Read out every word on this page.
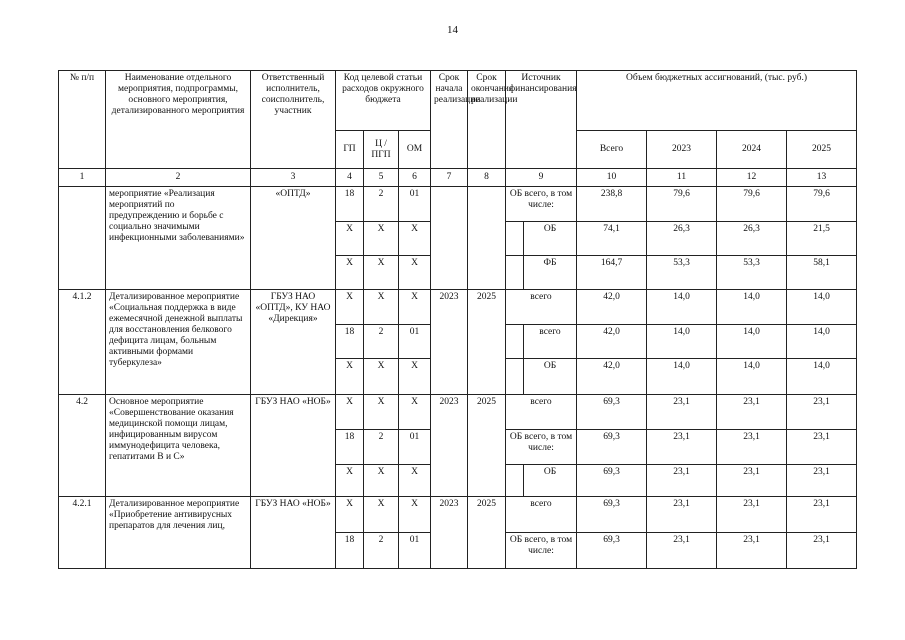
14
№ п/п	Наименование отдельного мероприятия, подпрограммы, основного мероприятия, детализированного мероприятия	Ответственный исполнитель, соисполнитель, участник	Код целевой статьи расходов окружного бюджета			Срок начала реализации	Срок окончания реализации	Источник финансирования		Объем бюджетных ассигнований, (тыс. руб.)			
			ГП	Ц / ПГП	ОМ					Всего	2023	2024	2025
1	2	3	4	5	6	7	8	9		10	11	12	13
	мероприятие «Реализация мероприятий по предупреждению и борьбе с социально значимыми инфекционными заболеваниями»	«ОПТД»	18	2	01			ОБ всего, в том числе:		238,8	79,6	79,6	79,6
			Х	Х	Х				ОБ	74,1	26,3	26,3	21,5
			Х	Х	Х				ФБ	164,7	53,3	53,3	58,1
4.1.2	Детализированное мероприятие «Социальная поддержка в виде ежемесячной денежной выплаты для восстановления белкового дефицита лицам, больным активными формами туберкулеза»	ГБУЗ НАО «ОПТД», КУ НАО «Дирекция»	Х	Х	Х	2023	2025	всего		42,0	14,0	14,0	14,0
			18	2	01				всего	42,0	14,0	14,0	14,0
			Х	Х	Х				ОБ	42,0	14,0	14,0	14,0
4.2	Основное мероприятие «Совершенствование оказания медицинской помощи лицам, инфицированным вирусом иммунодефицита человека, гепатитами В и С»	ГБУЗ НАО «НОБ»	Х	Х	Х	2023	2025	всего		69,3	23,1	23,1	23,1
			18	2	01			ОБ всего, в том числе:		69,3	23,1	23,1	23,1
			Х	Х	Х				ОБ	69,3	23,1	23,1	23,1
4.2.1	Детализированное мероприятие «Приобретение антивирусных препаратов для лечения лиц,	ГБУЗ НАО «НОБ»	Х	Х	Х	2023	2025	всего		69,3	23,1	23,1	23,1
			18	2	01			ОБ всего, в том числе:		69,3	23,1	23,1	23,1
